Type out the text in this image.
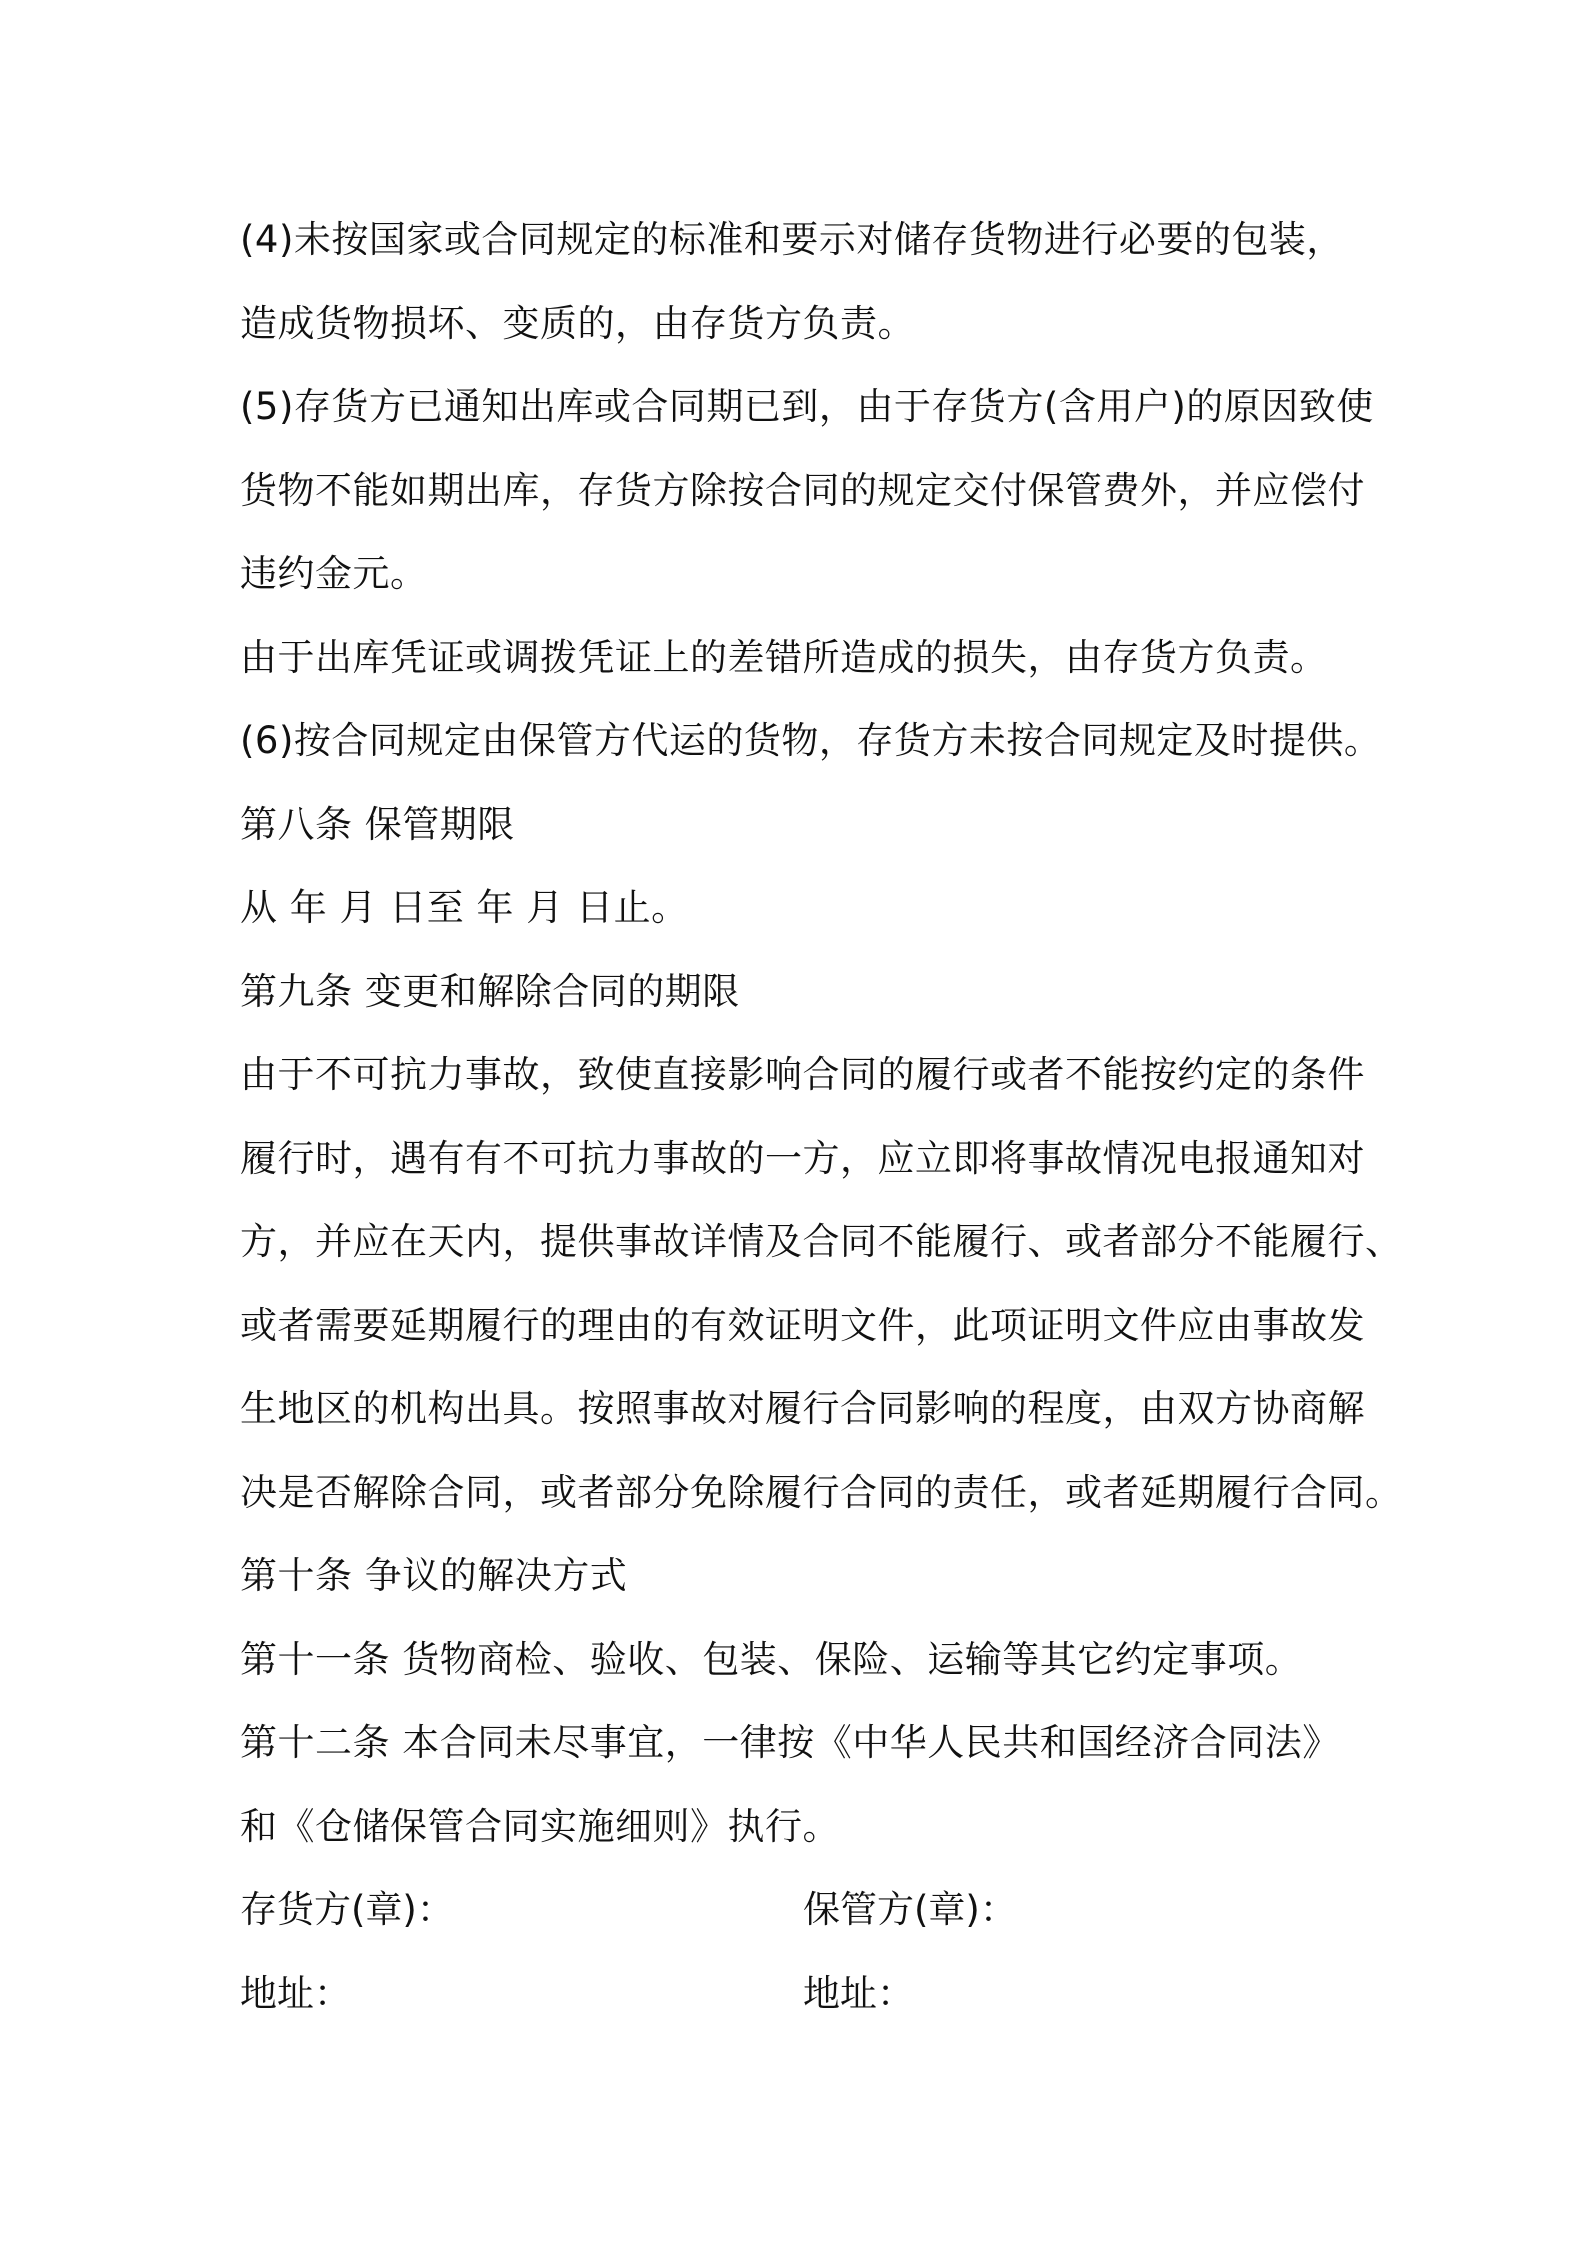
(4)未按国家或合同规定的标准和要示对储存货物进行必要的包装，
造成货物损坏、变质的，由存货方负责。
(5)存货方已通知出库或合同期已到，由于存货方(含用户)的原因致使
货物不能如期出库，存货方除按合同的规定交付保管费外，并应偿付
违约金元。
由于出库凭证或调拨凭证上的差错所造成的损失，由存货方负责。
(6)按合同规定由保管方代运的货物，存货方未按合同规定及时提供。
第八条 保管期限
从 年 月 日至 年 月 日止。
第九条 变更和解除合同的期限
由于不可抗力事故，致使直接影响合同的履行或者不能按约定的条件
履行时，遇有有不可抗力事故的一方，应立即将事故情况电报通知对
方，并应在天内，提供事故详情及合同不能履行、或者部分不能履行、
或者需要延期履行的理由的有效证明文件，此项证明文件应由事故发
生地区的机构出具。按照事故对履行合同影响的程度，由双方协商解
决是否解除合同，或者部分免除履行合同的责任，或者延期履行合同。
第十条 争议的解决方式
第十一条 货物商检、验收、包装、保险、运输等其它约定事项。
第十二条 本合同未尽事宜，一律按《中华人民共和国经济合同法》
和《仓储保管合同实施细则》执行。
存货方(章)：	保管方(章)：
地址：	地址：
